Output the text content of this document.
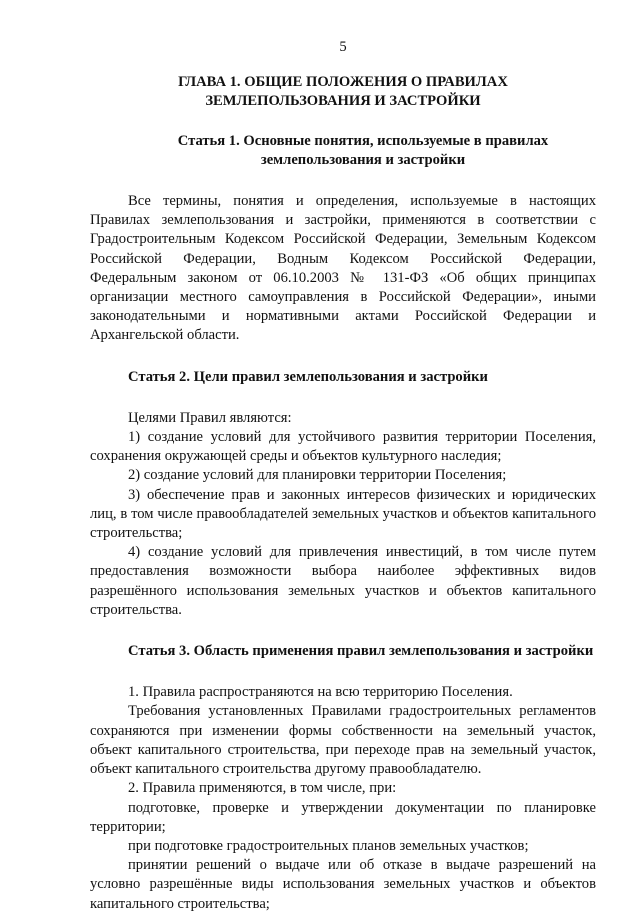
5
ГЛАВА 1. ОБЩИЕ ПОЛОЖЕНИЯ О ПРАВИЛАХ
ЗЕМЛЕПОЛЬЗОВАНИЯ И ЗАСТРОЙКИ
Статья 1. Основные понятия, используемые в правилах
землепользования и застройки

Все термины, понятия и определения, используемые в настоящих Правилах землепользования и застройки, применяются в соответствии с Градостроительным Кодексом Российской Федерации, Земельным Кодексом Российской Федерации, Водным Кодексом Российской Федерации, Федеральным законом от 06.10.2003 № 131-ФЗ «Об общих принципах организации местного самоуправления в Российской Федерации», иными законодательными и нормативными актами Российской Федерации и Архангельской области.

Статья 2. Цели правил землепользования и застройки

Целями Правил являются:

1) создание условий для устойчивого развития территории Поселения, сохранения окружающей среды и объектов культурного наследия;

2) создание условий для планировки территории Поселения;

3) обеспечение прав и законных интересов физических и юридических лиц, в том числе правообладателей земельных участков и объектов капитального строительства;

4) создание условий для привлечения инвестиций, в том числе путем предоставления возможности выбора наиболее эффективных видов разрешённого использования земельных участков и объектов капитального строительства.

Статья 3. Область применения правил землепользования и застройки

1. Правила распространяются на всю территорию Поселения.

Требования установленных Правилами градостроительных регламентов сохраняются при изменении формы собственности на земельный участок, объект капитального строительства, при переходе прав на земельный участок, объект капитального строительства другому правообладателю.

2. Правила применяются, в том числе, при:

подготовке, проверке и утверждении документации по планировке территории;

при подготовке градостроительных планов земельных участков;

принятии решений о выдаче или об отказе в выдаче разрешений на условно разрешённые виды использования земельных участков и объектов капитального строительства;
